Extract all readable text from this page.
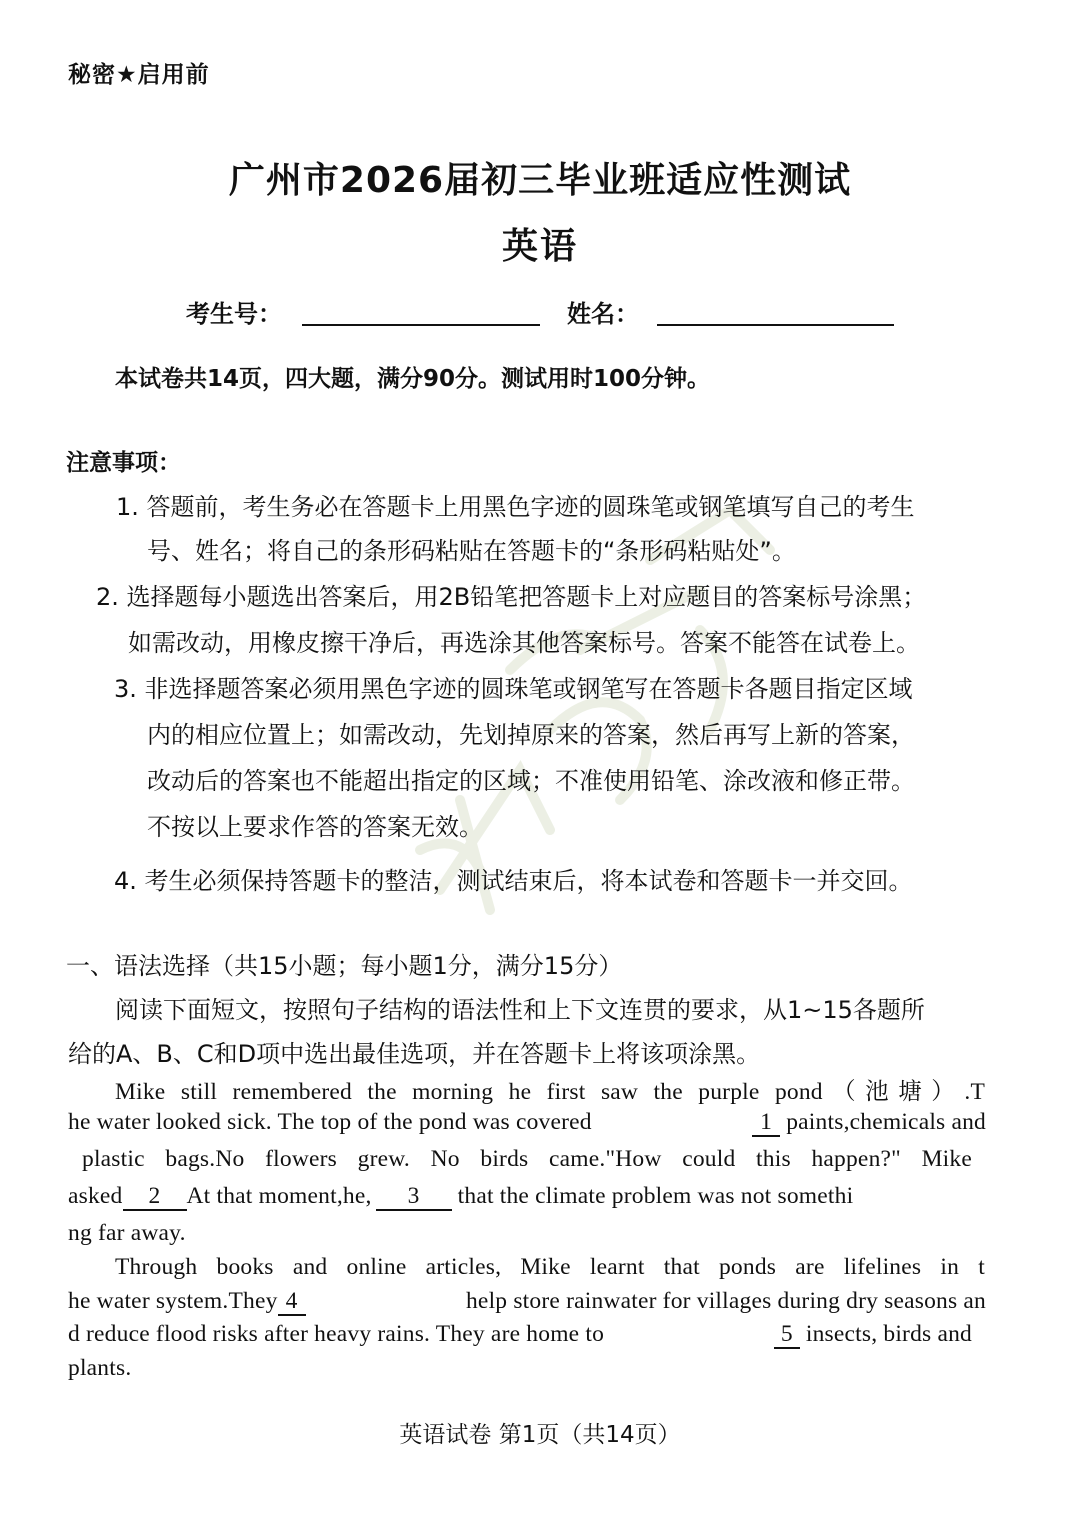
秘密★启用前
广州市2026届初三毕业班适应性测试
英语
考生号：	姓名：
本试卷共14页，四大题，满分90分。测试用时100分钟。
注意事项：
1. 答题前，考生务必在答题卡上用黑色字迹的圆珠笔或钢笔填写自己的考生
号、姓名；将自己的条形码粘贴在答题卡的“条形码粘贴处”。
2. 选择题每小题选出答案后，用2B铅笔把答题卡上对应题目的答案标号涂黑；
如需改动，用橡皮擦干净后，再选涂其他答案标号。答案不能答在试卷上。
3. 非选择题答案必须用黑色字迹的圆珠笔或钢笔写在答题卡各题目指定区域
内的相应位置上；如需改动，先划掉原来的答案，然后再写上新的答案，
改动后的答案也不能超出指定的区域；不准使用铅笔、涂改液和修正带。
不按以上要求作答的答案无效。
4. 考生必须保持答题卡的整洁，测试结束后，将本试卷和答题卡一并交回。
一、语法选择（共15小题；每小题1分，满分15分）
阅读下面短文，按照句子结构的语法性和上下文连贯的要求，从1~15各题所
给的A、B、C和D项中选出最佳选项，并在答题卡上将该项涂黑。
Mike still remembered the morning he first saw the purple pond（池塘）.T
he water looked sick. The top of the pond was covered	1 paints,chemicals and
plastic bags.No flowers grew. No birds came."How could this happen?" Mike
asked 2 At that moment,he, 3 that the climate problem was not somethi
ng far away.
Through books and online articles, Mike learnt that ponds are lifelines in t
he water system.They 4	help store rainwater for villages during dry seasons an
d reduce flood risks after heavy rains. They are home to	5 insects, birds and
plants.
英语试卷 第1页（共14页）
